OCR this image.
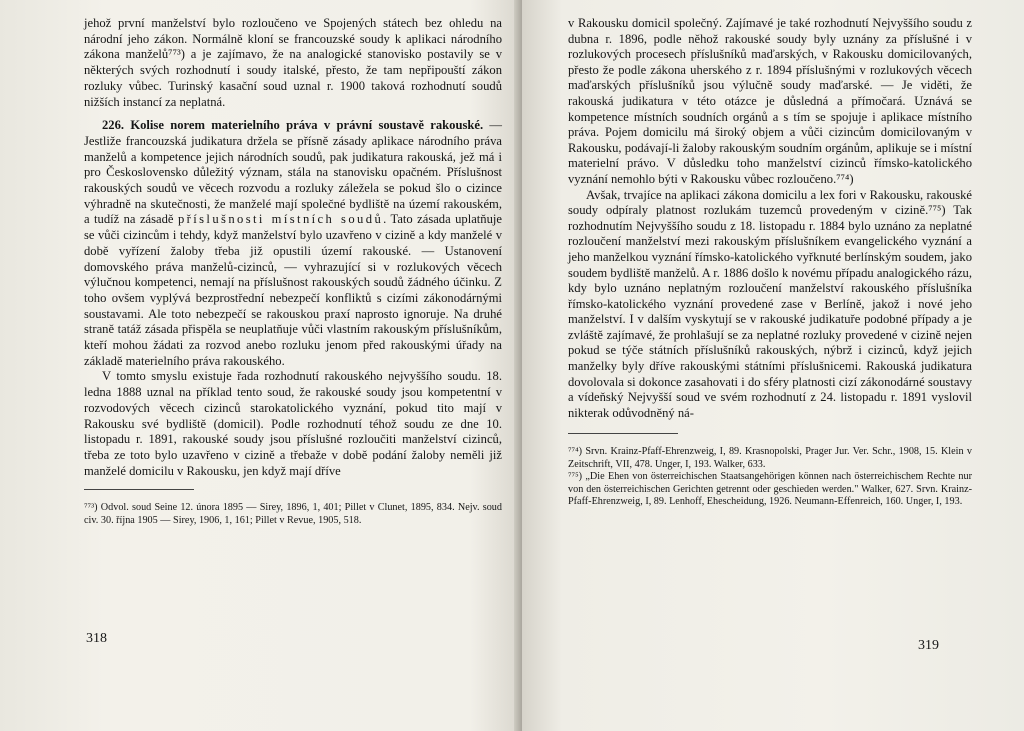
jehož první manželství bylo rozloučeno ve Spojených státech bez ohledu na národní jeho zákon. Normálně kloní se francouzské soudy k aplikaci národního zákona manželů⁷⁷³) a je zajímavo, že na analogické stanovisko postavily se v některých svých rozhodnutí i soudy italské, přesto, že tam nepřipouští zákon rozluky vůbec. Turinský kasační soud uznal r. 1900 taková rozhodnutí soudů nižších instancí za neplatná.

226. Kolise norem materielního práva v právní soustavě rakouské. — Jestliže francouzská judikatura držela se přísně zásady aplikace národního práva manželů a kompetence jejich národních soudů, pak judikatura rakouská, jež má i pro Československo důležitý význam, stála na stanovisku opačném. Příslušnost rakouských soudů ve věcech rozvodu a rozluky záležela se pokud šlo o cizince výhradně na skutečnosti, že manželé mají společné bydliště na území rakouském, a tudíž na zásadě příslušnosti místních soudů. Tato zásada uplatňuje se vůči cizincům i tehdy, když manželství bylo uzavřeno v cizině a kdy manželé v době vyřízení žaloby třeba již opustili území rakouské. — Ustanovení domovského práva manželů-cizinců, — vyhrazující si v rozlukových věcech výlučnou kompetenci, nemají na příslušnost rakouských soudů žádného účinku. Z toho ovšem vyplývá bezprostřední nebezpečí konfliktů s cizími zákonodárnými soustavami. Ale toto nebezpečí se rakouskou praxí naprosto ignoruje. Na druhé straně tatáž zásada přispěla se neuplatňuje vůči vlastním rakouským příslušníkům, kteří mohou žádati za rozvod anebo rozluku jenom před rakouskými úřady na základě materielního práva rakouského.

V tomto smyslu existuje řada rozhodnutí rakouského nejvyššího soudu. 18. ledna 1888 uznal na příklad tento soud, že rakouské soudy jsou kompetentní v rozvodových věcech cizinců starokatolického vyznání, pokud tito mají v Rakousku své bydliště (domicil). Podle rozhodnutí téhož soudu ze dne 10. listopadu r. 1891, rakouské soudy jsou příslušné rozloučiti manželství cizinců, třeba ze toto bylo uzavřeno v cizině a třebaže v době podání žaloby neměli již manželé domicilu v Rakousku, jen když mají dříve

⁷⁷³) Odvol. soud Seine 12. února 1895 — Sirey, 1896, 1, 401; Pillet v Clunet, 1895, 834. Nejv. soud civ. 30. října 1905 — Sirey, 1906, 1, 161; Pillet v Revue, 1905, 518.

318

v Rakousku domicil společný. Zajímavé je také rozhodnutí Nejvyššího soudu z dubna r. 1896, podle něhož rakouské soudy byly uznány za příslušné i v rozlukových procesech příslušníků maďarských, v Rakousku domicilovaných, přesto že podle zákona uherského z r. 1894 příslušnými v rozlukových věcech maďarských příslušníků jsou výlučně soudy maďarské. — Je viděti, že rakouská judikatura v této otázce je důsledná a přímočará. Uznává se kompetence místních soudních orgánů a s tím se spojuje i aplikace místního práva. Pojem domicilu má široký objem a vůči cizincům domicilovaným v Rakousku, podávají-li žaloby rakouským soudním orgánům, aplikuje se i místní materielní právo. V důsledku toho manželství cizinců římsko-katolického vyznání nemohlo býti v Rakousku vůbec rozloučeno.⁷⁷⁴)

Avšak, trvajíce na aplikaci zákona domicilu a lex fori v Rakousku, rakouské soudy odpíraly platnost rozlukám tuzemců provedeným v cizině.⁷⁷⁵) Tak rozhodnutím Nejvyššího soudu z 18. listopadu r. 1884 bylo uznáno za neplatné rozloučení manželství mezi rakouským příslušníkem evangelického vyznání a jeho manželkou vyznání římsko-katolického vyřknuté berlínským soudem, jako soudem bydliště manželů. A r. 1886 došlo k novému případu analogického rázu, kdy bylo uznáno neplatným rozloučení manželství rakouského příslušníka římsko-katolického vyznání provedené zase v Berlíně, jakož i nové jeho manželství. I v dalším vyskytují se v rakouské judikatuře podobné případy a je zvláště zajímavé, že prohlašují se za neplatné rozluky provedené v cizině nejen pokud se týče státních příslušníků rakouských, nýbrž i cizinců, když jejich manželky byly dříve rakouskými státními příslušnicemi. Rakouská judikatura dovolovala si dokonce zasahovati i do sféry platnosti cizí zákonodárné soustavy a vídeňský Nejvyšší soud ve svém rozhodnutí z 24. listopadu r. 1891 vyslovil nikterak odůvodněný ná-

⁷⁷⁴) Srvn. Krainz-Pfaff-Ehrenzweig, I, 89. Krasnopolski, Prager Jur. Ver. Schr., 1908, 15. Klein v Zeitschrift, VII, 478. Unger, I, 193. Walker, 633.

⁷⁷⁵) „Die Ehen von österreichischen Staatsangehörigen können nach österreichischem Rechte nur von den österreichischen Gerichten getrennt oder geschieden werden." Walker, 627. Srvn. Krainz-Pfaff-Ehrenzweig, I, 89. Lenhoff, Ehescheidung, 1926. Neumann-Effenreich, 160. Unger, I, 193.

319
